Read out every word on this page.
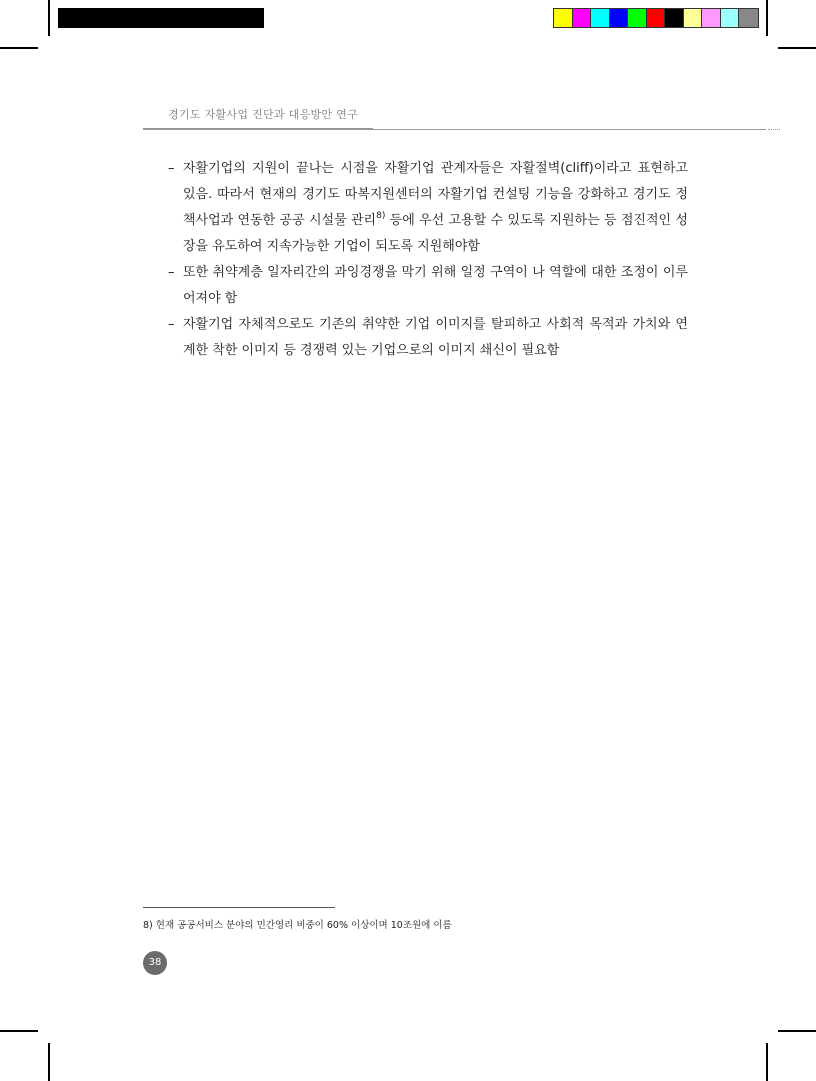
경기도 자활사업 진단과 대응방안 연구
– 자활기업의 지원이 끝나는 시점을 자활기업 관계자들은 자활절벽(cliff)이라고 표현하고 있음. 따라서 현재의 경기도 따복지원센터의 자활기업 컨설팅 기능을 강화하고 경기도 정책사업과 연동한 공공 시설물 관리$^{8)}$ 등에 우선 고용할 수 있도록 지원하는 등 점진적인 성장을 유도하여 지속가능한 기업이 되도록 지원해야함
– 또한 취약계층 일자리간의 과잉경쟁을 막기 위해 일정 구역이 나 역할에 대한 조정이 이루어져야 함
– 자활기업 자체적으로도 기존의 취약한 기업 이미지를 탈피하고 사회적 목적과 가치와 연계한 착한 이미지 등 경쟁력 있는 기업으로의 이미지 쇄신이 필요함
8) 현재 공공서비스 분야의 민간영리 비중이 60% 이상이며 10조원에 이름
38
